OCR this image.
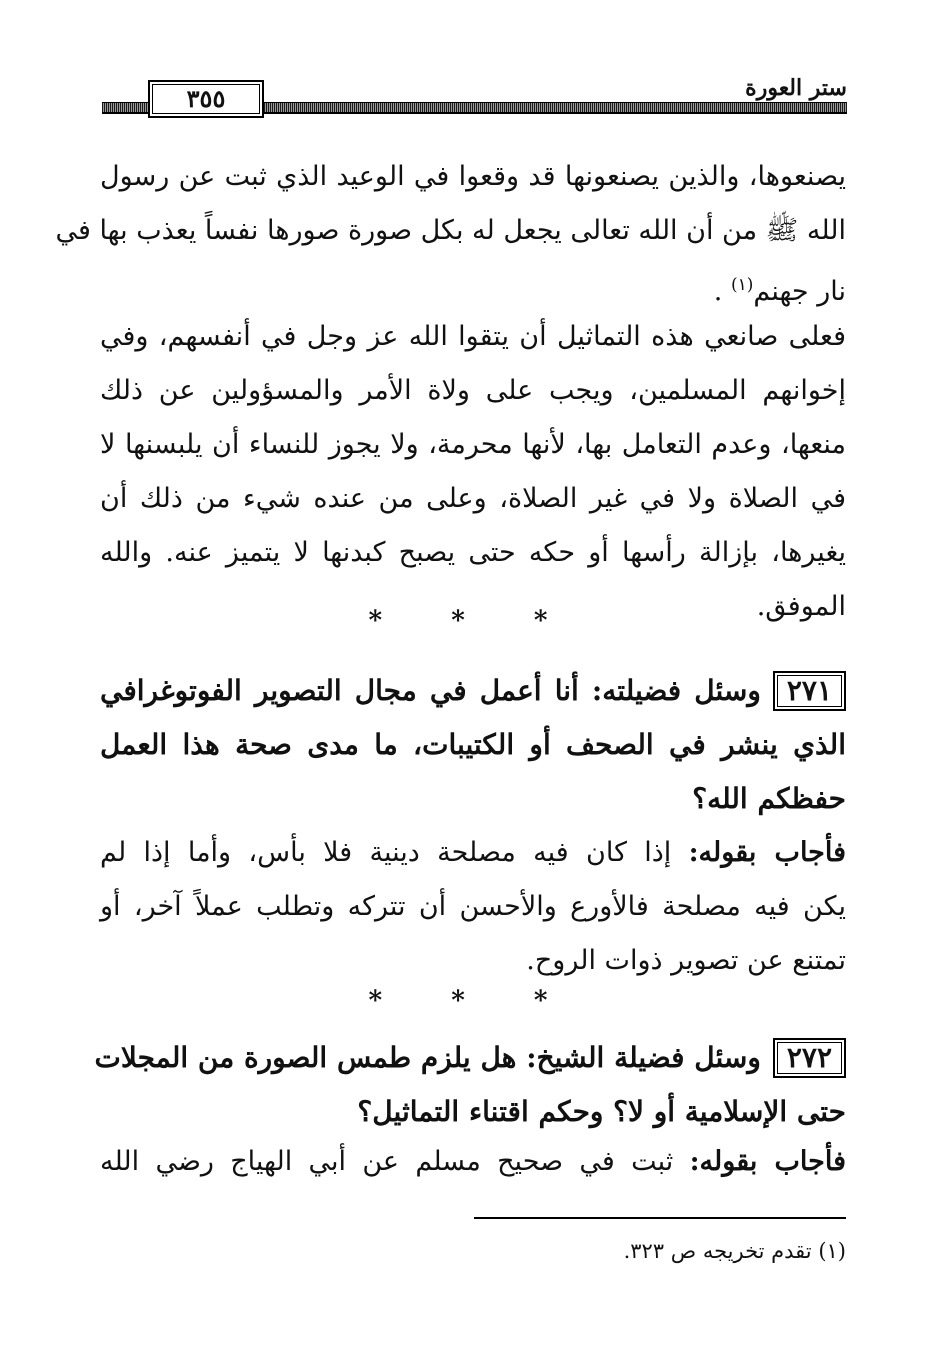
ستر العورة
٣٥٥
يصنعوها، والذين يصنعونها قد وقعوا في الوعيد الذي ثبت عن رسول
الله ﷺ من أن الله تعالى يجعل له بكل صورة صورها نفساً يعذب بها في
نار جهنم$^{(١)}$ .
فعلى صانعي هذه التماثيل أن يتقوا الله عز وجل في أنفسهم، وفي
إخوانهم المسلمين، ويجب على ولاة الأمر والمسؤولين عن ذلك
منعها، وعدم التعامل بها، لأنها محرمة، ولا يجوز للنساء أن يلبسنها لا
في الصلاة ولا في غير الصلاة، وعلى من عنده شيء من ذلك أن
يغيرها، بإزالة رأسها أو حكه حتى يصبح كبدنها لا يتميز عنه. والله
الموفق.
* * *
٢٧١وسئل فضيلته: أنا أعمل في مجال التصوير الفوتوغرافي
الذي ينشر في الصحف أو الكتيبات، ما مدى صحة هذا العمل
حفظكم الله؟
فأجاب بقوله: إذا كان فيه مصلحة دينية فلا بأس، وأما إذا لم
يكن فيه مصلحة فالأورع والأحسن أن تتركه وتطلب عملاً آخر، أو
تمتنع عن تصوير ذوات الروح.
* * *
٢٧٢وسئل فضيلة الشيخ: هل يلزم طمس الصورة من المجلات
حتى الإسلامية أو لا؟ وحكم اقتناء التماثيل؟
فأجاب بقوله: ثبت في صحيح مسلم عن أبي الهياج رضي الله
(١) تقدم تخريجه ص ٣٢٣.
